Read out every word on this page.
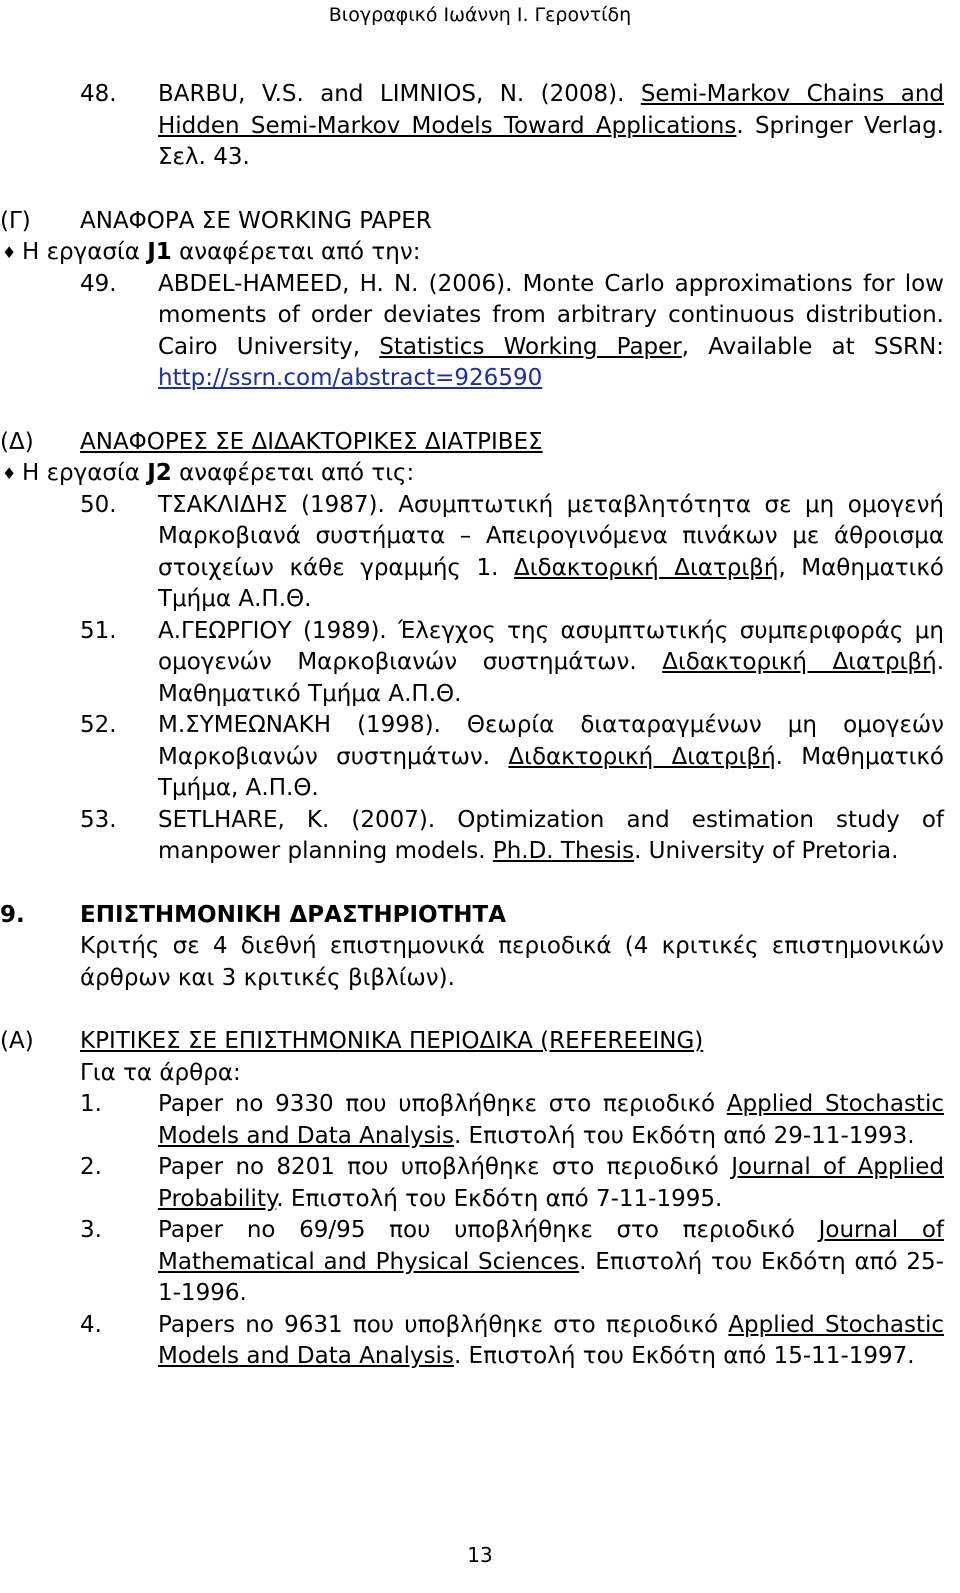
Βιογραφικό Ιωάννη Ι. Γεροντίδη
48. BARBU, V.S. and LIMNIOS, N. (2008). Semi-Markov Chains and Hidden Semi-Markov Models Toward Applications. Springer Verlag. Σελ. 43.
(Γ) ΑΝΑΦΟΡΑ ΣΕ WORKING PAPER
♦ Η εργασία J1 αναφέρεται από την:
49. ABDEL-HAMEED, H. N. (2006). Monte Carlo approximations for low moments of order deviates from arbitrary continuous distribution. Cairo University, Statistics Working Paper, Available at SSRN: http://ssrn.com/abstract=926590
(Δ) ΑΝΑΦΟΡΕΣ ΣΕ ΔΙΔΑΚΤΟΡΙΚΕΣ ΔΙΑΤΡΙΒΕΣ
♦ Η εργασία J2 αναφέρεται από τις:
50. ΤΣΑΚΛΙΔΗΣ (1987). Ασυμπτωτική μεταβλητότητα σε μη ομογενή Μαρκοβιανά συστήματα – Απειρογινόμενα πινάκων με άθροισμα στοιχείων κάθε γραμμής 1. Διδακτορική Διατριβή, Μαθηματικό Τμήμα Α.Π.Θ.
51. Α.ΓΕΩΡΓΙΟΥ (1989). Έλεγχος της ασυμπτωτικής συμπεριφοράς μη ομογενών Μαρκοβιανών συστημάτων. Διδακτορική Διατριβή. Μαθηματικό Τμήμα Α.Π.Θ.
52. Μ.ΣΥΜΕΩΝΑΚΗ (1998). Θεωρία διαταραγμένων μη ομογεών Μαρκοβιανών συστημάτων. Διδακτορική Διατριβή. Μαθηματικό Τμήμα, Α.Π.Θ.
53. SETLHARE, K. (2007). Optimization and estimation study of manpower planning models. Ph.D. Thesis. University of Pretoria.
9. ΕΠΙΣΤΗΜΟΝΙΚΗ ΔΡΑΣΤΗΡΙΟΤΗΤΑ
Κριτής σε 4 διεθνή επιστημονικά περιοδικά (4 κριτικές επιστημονικών άρθρων και 3 κριτικές βιβλίων).
(Α) ΚΡΙΤΙΚΕΣ ΣΕ ΕΠΙΣΤΗΜΟΝΙΚΑ ΠΕΡΙΟΔΙΚΑ (REFEREEING)
Για τα άρθρα:
1. Paper no 9330 που υποβλήθηκε στο περιοδικό Applied Stochastic Models and Data Analysis. Επιστολή του Εκδότη από 29-11-1993.
2. Paper no 8201 που υποβλήθηκε στο περιοδικό Journal of Applied Probability. Επιστολή του Εκδότη από 7-11-1995.
3. Paper no 69/95 που υποβλήθηκε στο περιοδικό Journal of Mathematical and Physical Sciences. Επιστολή του Εκδότη από 25-1-1996.
4. Papers no 9631 που υποβλήθηκε στο περιοδικό Applied Stochastic Models and Data Analysis. Επιστολή του Εκδότη από 15-11-1997.
13
